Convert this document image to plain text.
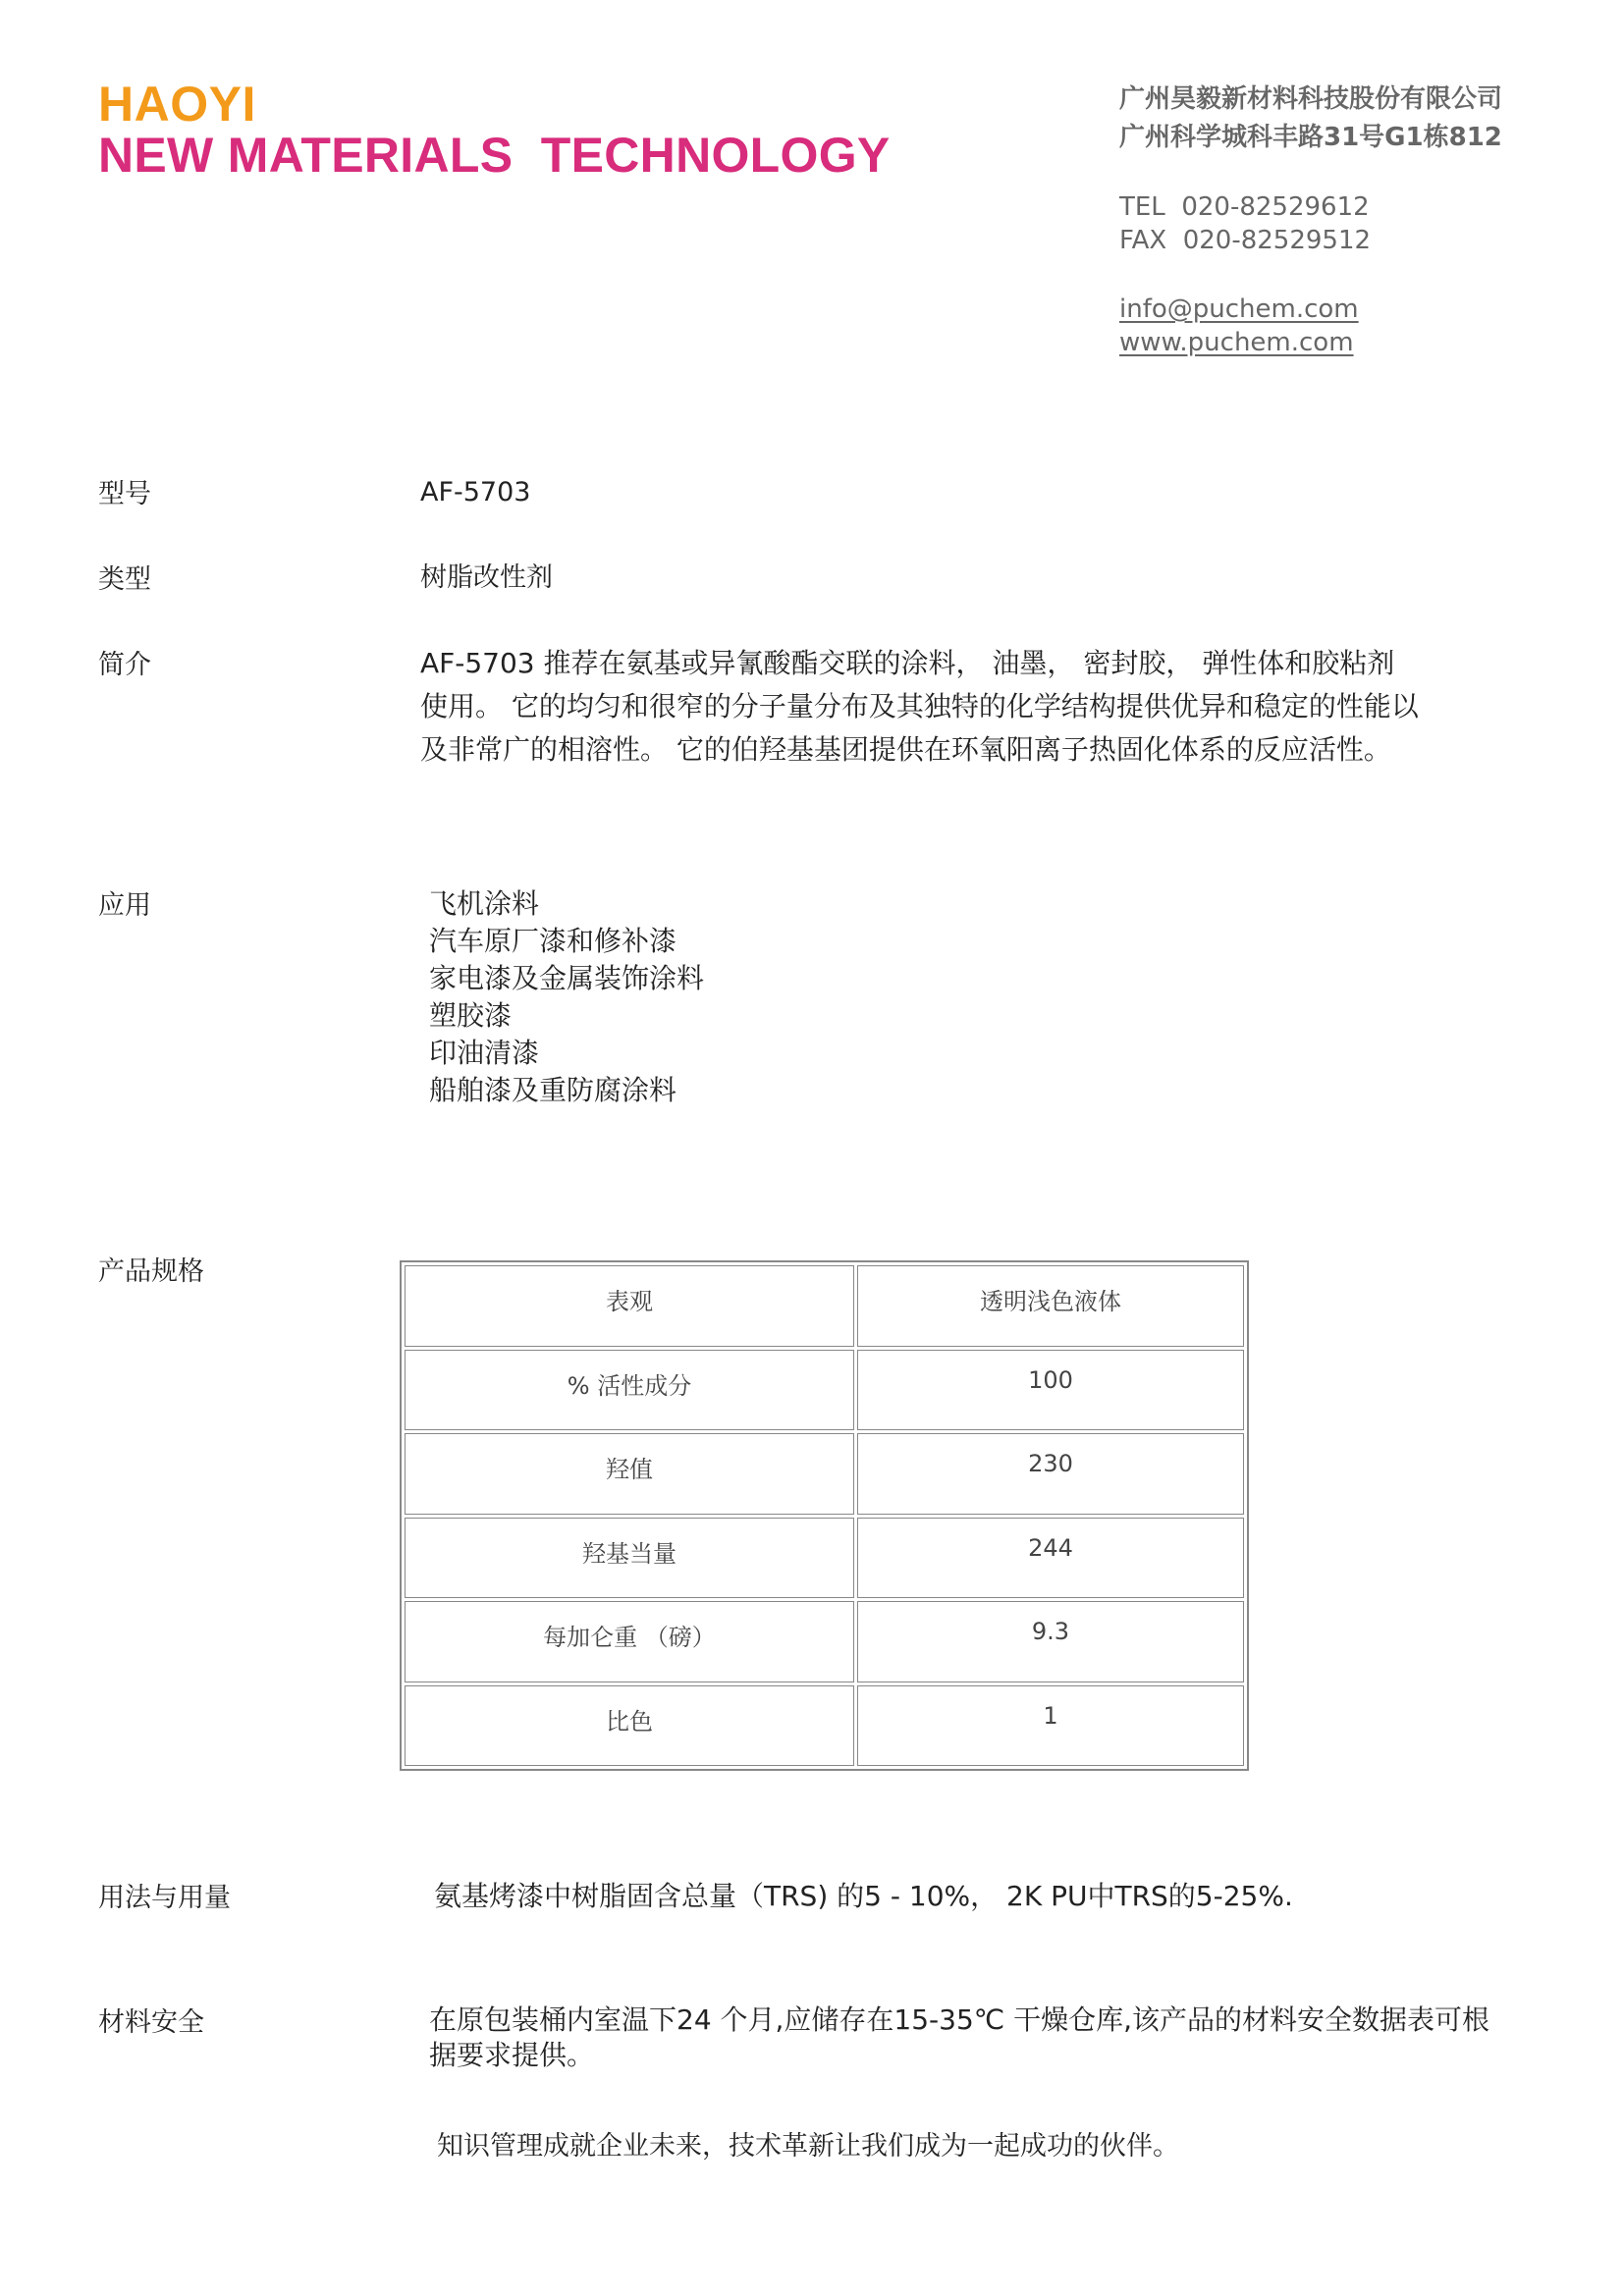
HAOYI
NEW MATERIALS  TECHNOLOGY
广州昊毅新材料科技股份有限公司
广州科学城科丰路31号G1栋812
TEL  020-82529612
FAX  020-82529512
info@puchem.com
www.puchem.com
型号	AF-5703
类型	树脂改性剂
简介	AF-5703 推荐在氨基或异氰酸酯交联的涂料， 油墨， 密封胶， 弹性体和胶粘剂
使用。 它的均匀和很窄的分子量分布及其独特的化学结构提供优异和稳定的性能以
及非常广的相溶性。 它的伯羟基基团提供在环氧阳离子热固化体系的反应活性。
应用	飞机涂料
汽车原厂漆和修补漆
家电漆及金属装饰涂料
塑胶漆
印油清漆
船舶漆及重防腐涂料
产品规格
表观	透明浅色液体
% 活性成分	100
羟值	230
羟基当量	244
每加仑重 （磅）	9.3
比色	1
用法与用量	氨基烤漆中树脂固含总量（TRS) 的5 - 10%， 2K PU中TRS的5-25%.
材料安全	在原包装桶内室温下24 个月,应储存在15-35℃ 干燥仓库,该产品的材料安全数据表可根
据要求提供。
知识管理成就企业未来，技术革新让我们成为一起成功的伙伴。
